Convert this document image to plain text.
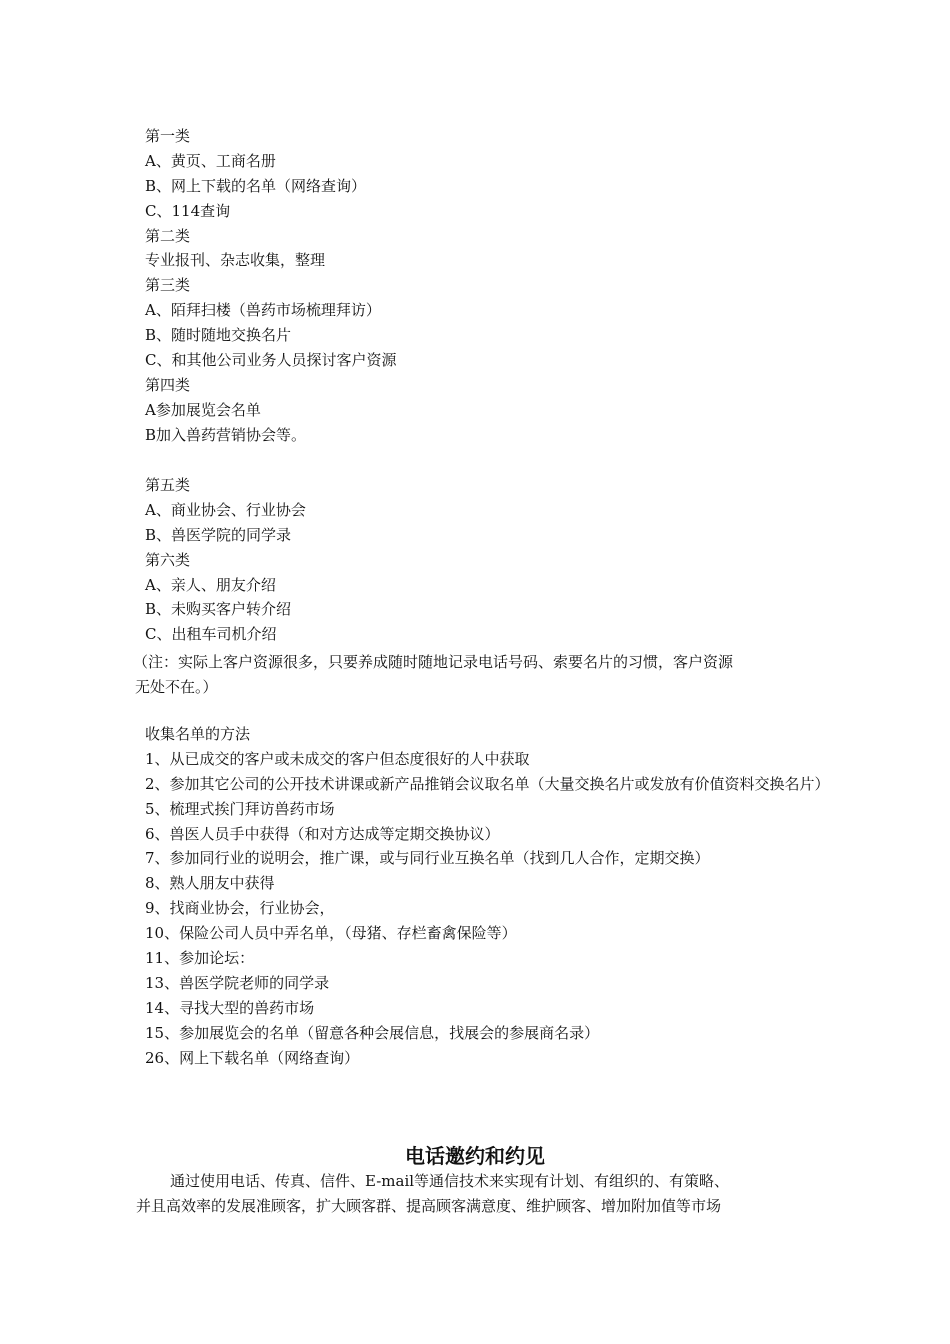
第一类
A、黄页、工商名册
B、网上下载的名单（网络查询）
C、114查询
第二类
专业报刊、杂志收集，整理
第三类
A、陌拜扫楼（兽药市场梳理拜访）
B、随时随地交换名片
C、和其他公司业务人员探讨客户资源
第四类
A参加展览会名单
B加入兽药营销协会等。
第五类
A、商业协会、行业协会
B、兽医学院的同学录
第六类
A、亲人、朋友介绍
B、未购买客户转介绍
C、出租车司机介绍
（注：实际上客户资源很多，只要养成随时随地记录电话号码、索要名片的习惯，客户资源
无处不在。）
收集名单的方法
1、从已成交的客户或未成交的客户但态度很好的人中获取
2、参加其它公司的公开技术讲课或新产品推销会议取名单（大量交换名片或发放有价值资料交换名片）
5、梳理式挨门拜访兽药市场
6、兽医人员手中获得（和对方达成等定期交换协议）
7、参加同行业的说明会，推广课，或与同行业互换名单（找到几人合作，定期交换）
8、熟人朋友中获得
9、找商业协会，行业协会，
10、保险公司人员中弄名单，（母猪、存栏畜禽保险等）
11、参加论坛：
13、兽医学院老师的同学录
14、寻找大型的兽药市场
15、参加展览会的名单（留意各种会展信息，找展会的参展商名录）
26、网上下载名单（网络查询）
电话邀约和约见
通过使用电话、传真、信件、E-mail等通信技术来实现有计划、有组织的、有策略、
并且高效率的发展准顾客，扩大顾客群、提高顾客满意度、维护顾客、增加附加值等市场
